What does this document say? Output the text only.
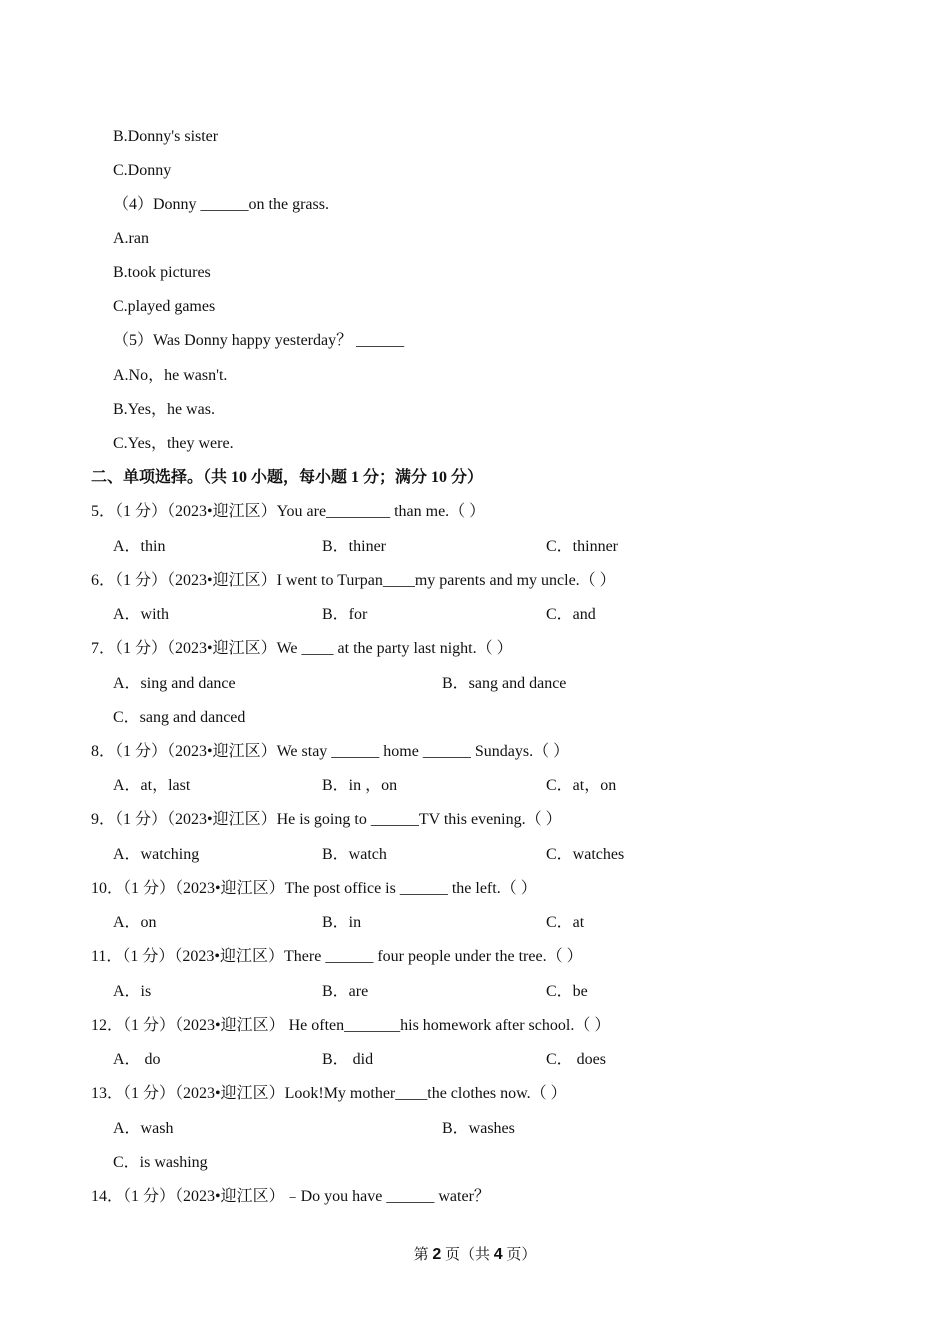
B.Donny's sister
C.Donny
（4）Donny ______on the grass.
A.ran
B.took pictures
C.played games
（5）Was Donny happy yesterday？ ______
A.No，he wasn't.
B.Yes，he was.
C.Yes，they were.
二、单项选择。（共 10 小题，每小题 1 分；满分 10 分）
5．（1 分）（2023•迎江区）You are________ than me.（ ）
A．thin	B．thiner	C．thinner
6．（1 分）（2023•迎江区）I went to Turpan____my parents and my uncle.（ ）
A．with	B．for	C．and
7．（1 分）（2023•迎江区）We ____ at the party last night.（ ）
A．sing and dance	B．sang and dance
C．sang and danced
8．（1 分）（2023•迎江区）We stay ______ home ______ Sundays.（ ）
A．at，last	B．in ，on	C．at，on
9．（1 分）（2023•迎江区）He is going to ______TV this evening.（ ）
A．watching	B．watch	C．watches
10．（1 分）（2023•迎江区）The post office is ______ the left.（ ）
A．on	B．in	C．at
11．（1 分）（2023•迎江区）There ______ four people under the tree.（ ）
A．is	B．are	C．be
12．（1 分）（2023•迎江区） He often_______his homework after school.（ ）
A． do	B． did	C． does
13．（1 分）（2023•迎江区）Look!My mother____the clothes now.（ ）
A．wash	B．washes
C．is washing
14．（1 分）（2023•迎江区）﹣Do you have ______ water？
第 2 页（共 4 页）
